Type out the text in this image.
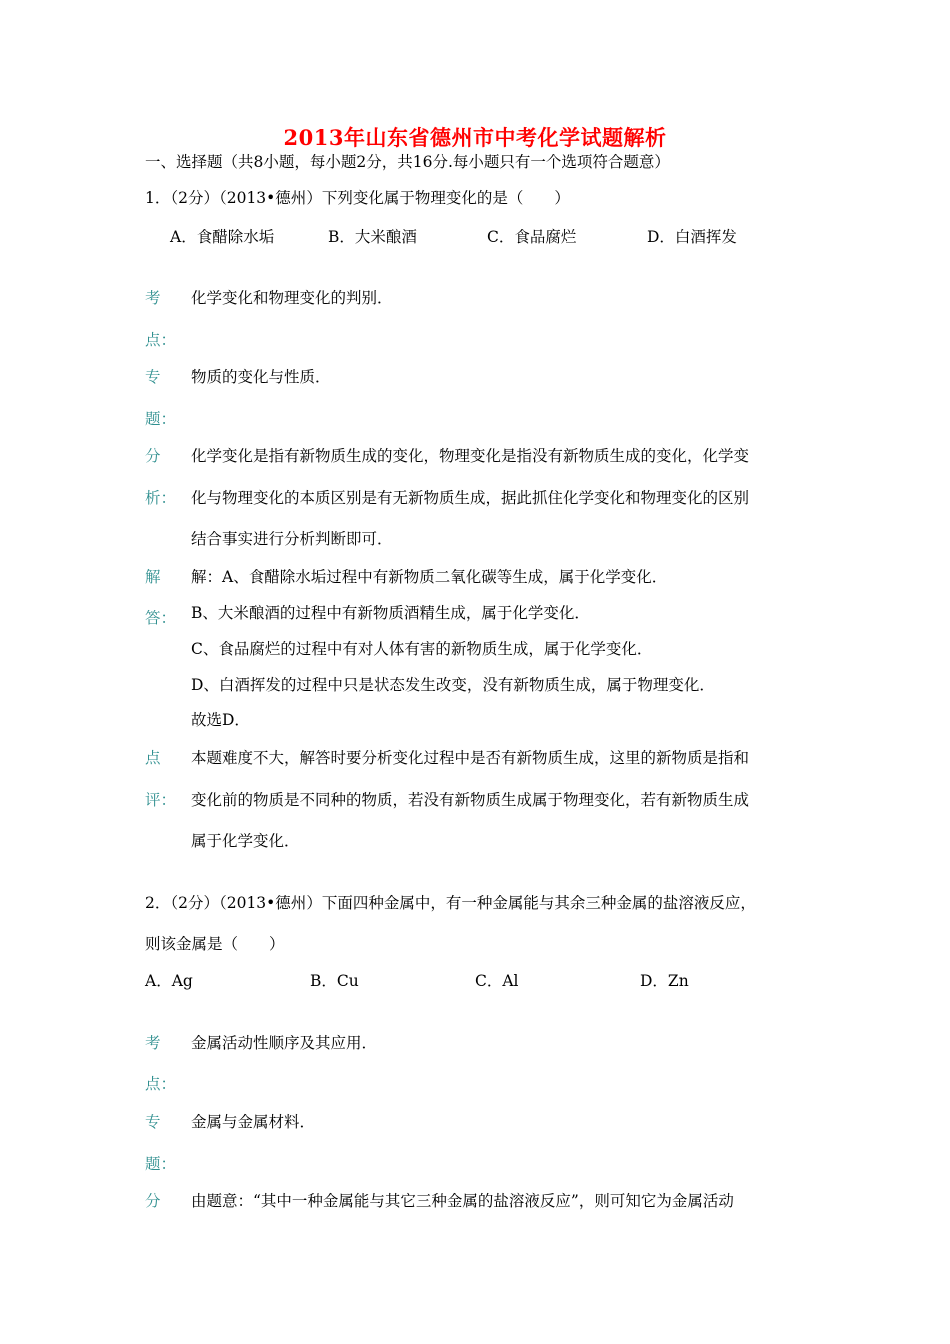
2013年山东省德州市中考化学试题解析
一、选择题（共8小题，每小题2分，共16分.每小题只有一个选项符合题意）
1．（2分）（2013•德州）下列变化属于物理变化的是（　　）
A．食醋除水垢	B．大米酿酒	C．食品腐烂	D．白酒挥发
考
点：
化学变化和物理变化的判别．
专
题：
物质的变化与性质．
分
析：
化学变化是指有新物质生成的变化，物理变化是指没有新物质生成的变化，化学变
化与物理变化的本质区别是有无新物质生成，据此抓住化学变化和物理变化的区别
结合事实进行分析判断即可．
解
答：
解：A、食醋除水垢过程中有新物质二氧化碳等生成，属于化学变化．
B、大米酿酒的过程中有新物质酒精生成，属于化学变化．
C、食品腐烂的过程中有对人体有害的新物质生成，属于化学变化．
D、白酒挥发的过程中只是状态发生改变，没有新物质生成，属于物理变化．
故选D．
点
评：
本题难度不大，解答时要分析变化过程中是否有新物质生成，这里的新物质是指和
变化前的物质是不同种的物质，若没有新物质生成属于物理变化，若有新物质生成
属于化学变化．
2．（2分）（2013•德州）下面四种金属中，有一种金属能与其余三种金属的盐溶液反应，
则该金属是（　　）
A．Ag	B．Cu	C．Al	D．Zn
考
点：
金属活动性顺序及其应用．
专
题：
金属与金属材料．
分 由题意：“其中一种金属能与其它三种金属的盐溶液反应”，则可知它为金属活动
